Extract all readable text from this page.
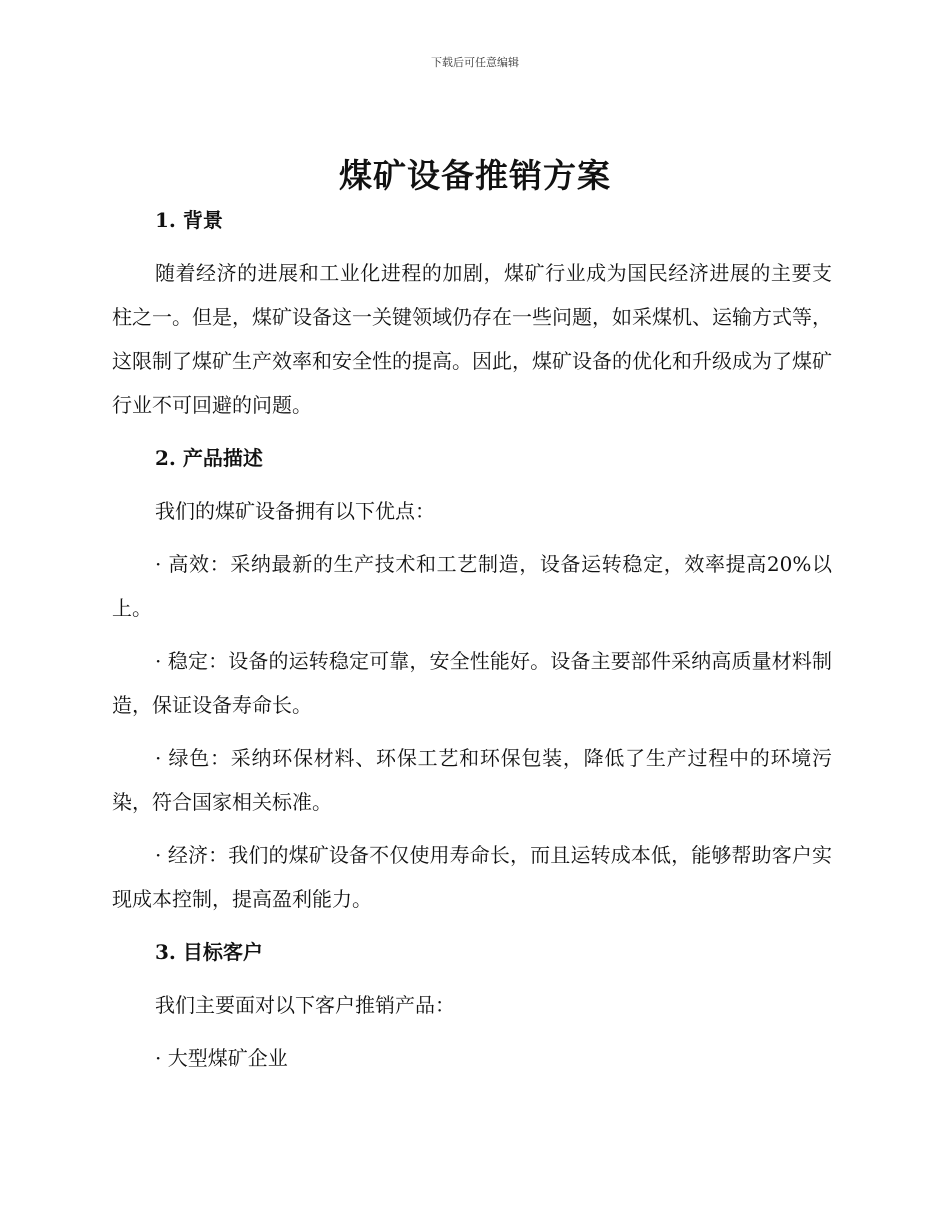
下载后可任意编辑
煤矿设备推销方案

1. 背景

随着经济的进展和工业化进程的加剧，煤矿行业成为国民经济进展的主要支柱之一。但是，煤矿设备这一关键领域仍存在一些问题，如采煤机、运输方式等，这限制了煤矿生产效率和安全性的提高。因此，煤矿设备的优化和升级成为了煤矿行业不可回避的问题。

2. 产品描述

我们的煤矿设备拥有以下优点：

· 高效：采纳最新的生产技术和工艺制造，设备运转稳定，效率提高20%以上。

· 稳定：设备的运转稳定可靠，安全性能好。设备主要部件采纳高质量材料制造，保证设备寿命长。

· 绿色：采纳环保材料、环保工艺和环保包装，降低了生产过程中的环境污染，符合国家相关标准。

· 经济：我们的煤矿设备不仅使用寿命长，而且运转成本低，能够帮助客户实现成本控制，提高盈利能力。

3. 目标客户

我们主要面对以下客户推销产品：

· 大型煤矿企业
